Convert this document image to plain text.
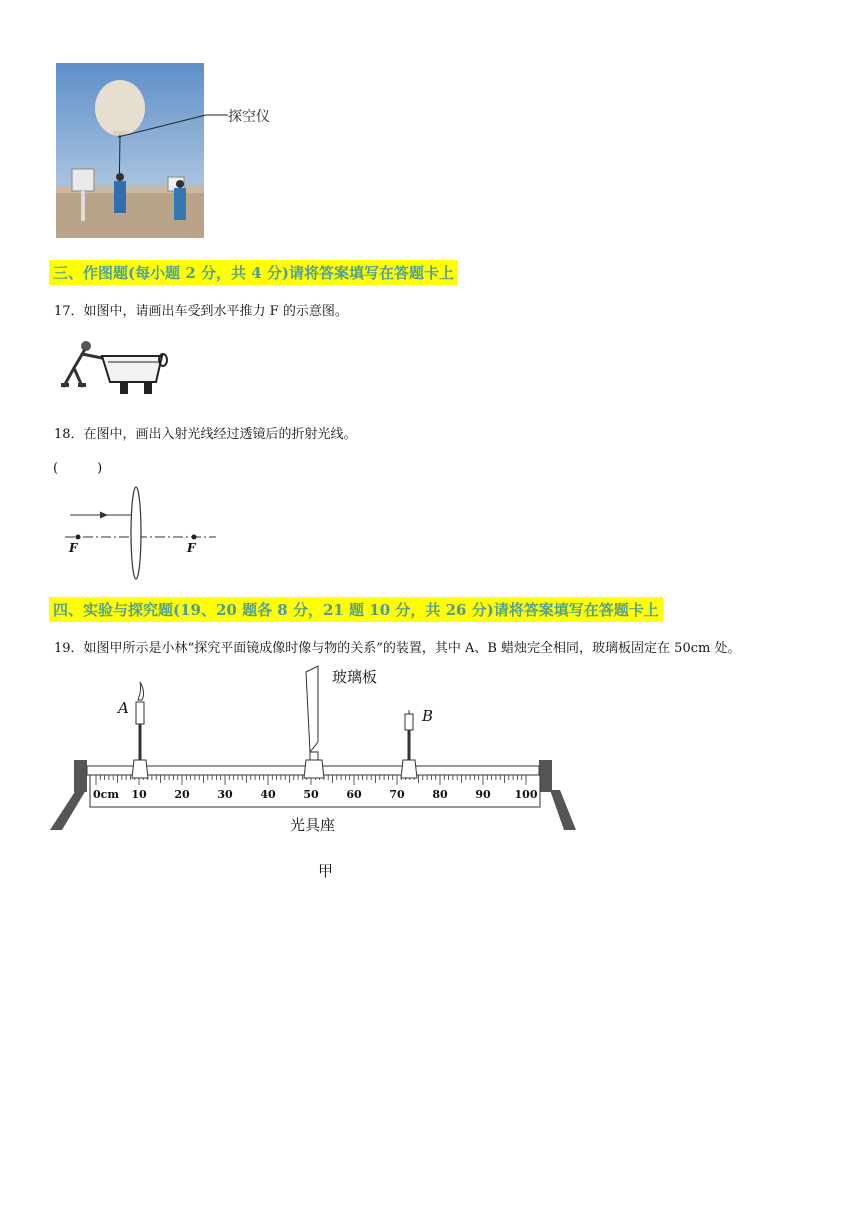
探空仪
三、作图题(每小题 2 分，共 4 分)请将答案填写在答题卡上
17．如图中，请画出车受到水平推力 F 的示意图。
18．在图中，画出入射光线经过透镜后的折射光线。
(　　　)
F	F
四、实验与探究题(19、20 题各 8 分，21 题 10 分，共 26 分)请将答案填写在答题卡上
19．如图甲所示是小林“探究平面镜成像时像与物的关系”的装置，其中 A、B 蜡烛完全相同，玻璃板固定在 50cm 处。
0cm 10	20	30	40	50	60	70	80	90 100
A	B
玻璃板
光具座
甲
